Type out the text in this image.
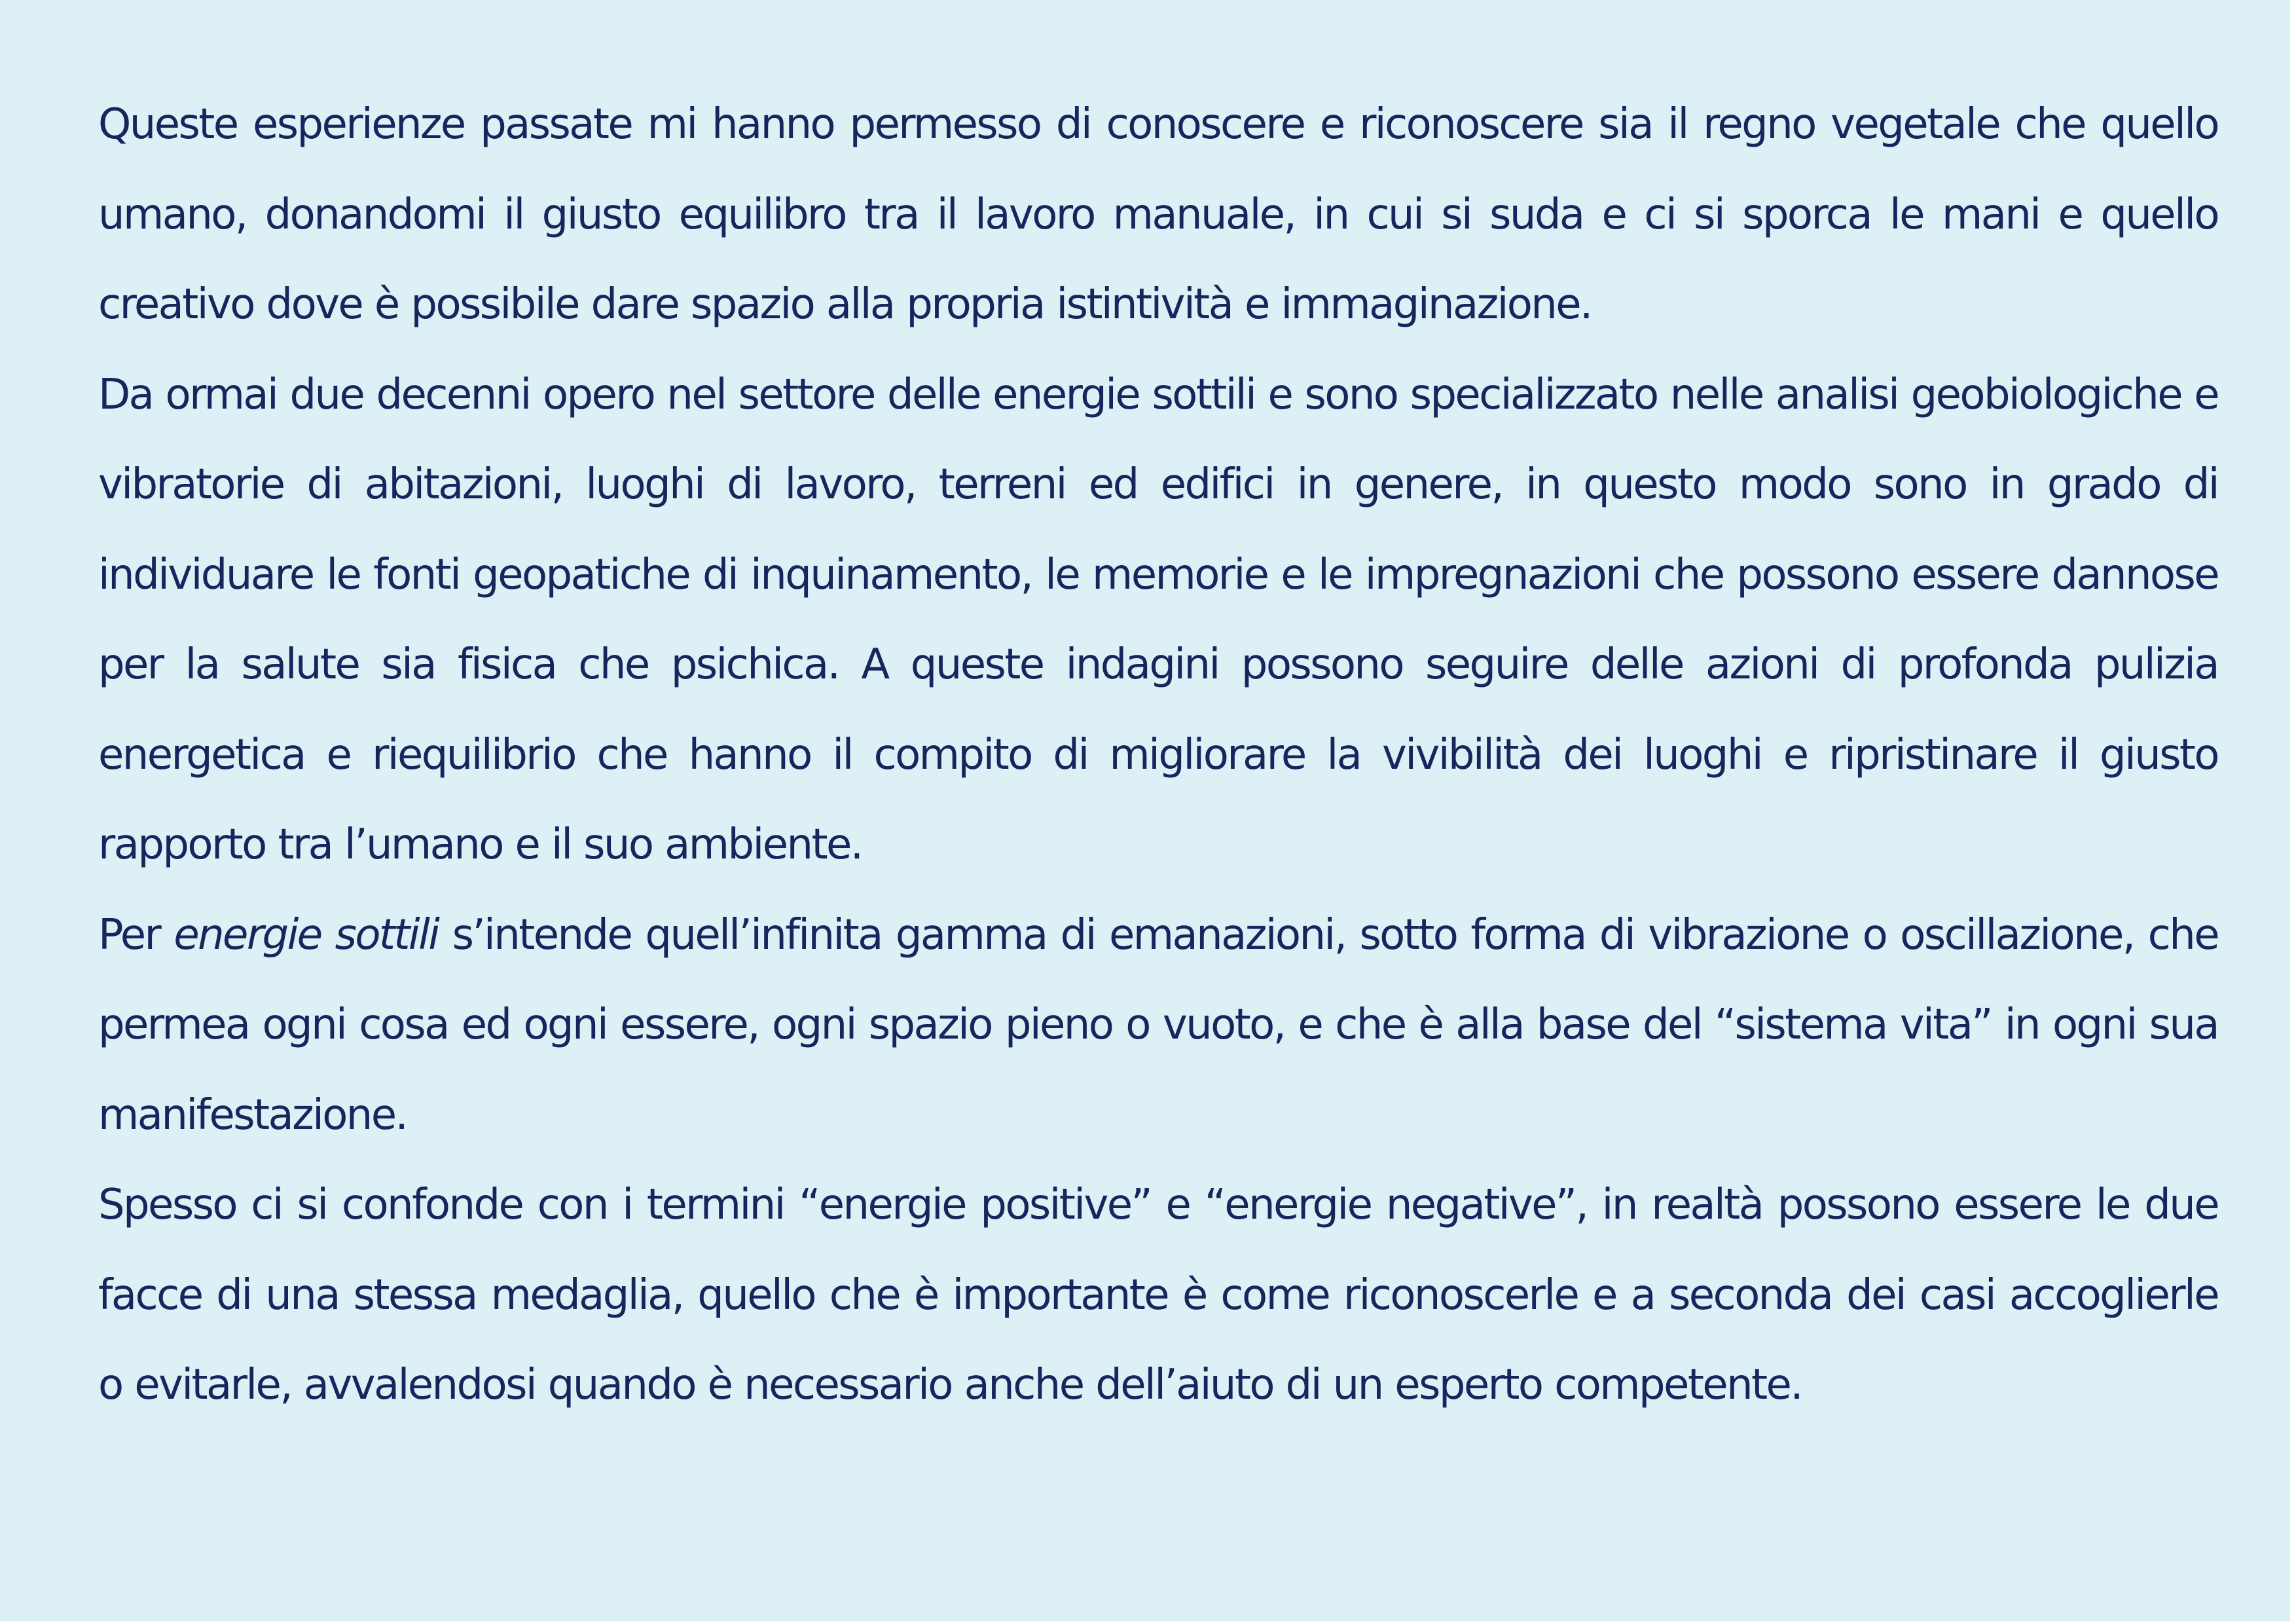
Queste esperienze passate mi hanno permesso di conoscere e riconoscere sia il regno vegetale che quello umano, donandomi il giusto equilibro tra il lavoro manuale, in cui si suda e ci si sporca le mani e quello creativo dove è possibile dare spazio alla propria istintività e immaginazione.

Da ormai due decenni opero nel settore delle energie sottili e sono specializzato nelle analisi geobiologiche e vibratorie di abitazioni, luoghi di lavoro, terreni ed edifici in genere, in questo modo sono in grado di individuare le fonti geopatiche di inquinamento, le memorie e le impregnazioni che possono essere dannose per la salute sia fisica che psichica. A queste indagini possono seguire delle azioni di profonda pulizia energetica e riequilibrio che hanno il compito di migliorare la vivibilità dei luoghi e ripristinare il giusto rapporto tra l’umano e il suo ambiente.

Per energie sottili s’intende quell’infinita gamma di emanazioni, sotto forma di vibrazione o oscillazione, che permea ogni cosa ed ogni essere, ogni spazio pieno o vuoto, e che è alla base del “sistema vita” in ogni sua manifestazione.

Spesso ci si confonde con i termini “energie positive” e “energie negative”, in realtà possono essere le due facce di una stessa medaglia, quello che è importante è come riconoscerle e a seconda dei casi accoglierle o evitarle, avvalendosi quando è necessario anche dell’aiuto di un esperto competente.
